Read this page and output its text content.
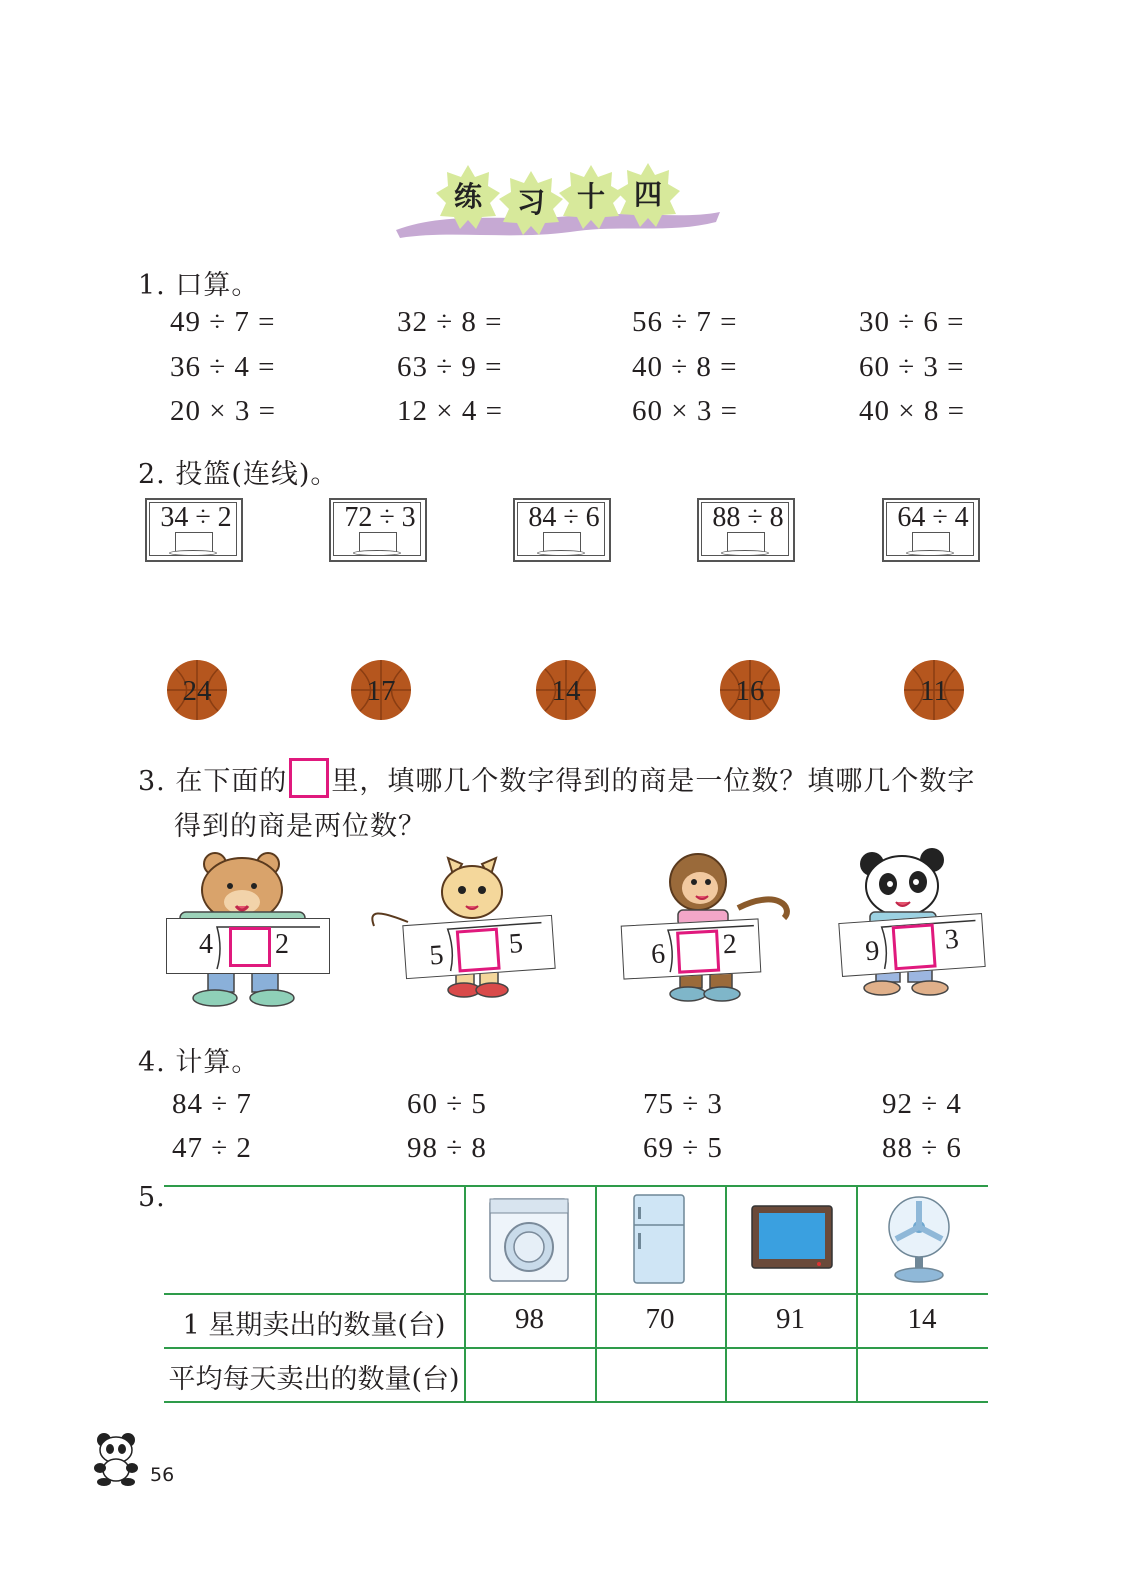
练	习	十	四
1. 口算。
49 ÷ 7 =	32 ÷ 8 =	56 ÷ 7 =	30 ÷ 6 =
36 ÷ 4 =	63 ÷ 9 =	40 ÷ 8 =	60 ÷ 3 =
20 × 3 =	12 × 4 =	60 × 3 =	40 × 8 =
2. 投篮(连线)。
34 ÷ 2	72 ÷ 3	84 ÷ 6	88 ÷ 8	64 ÷ 4
24	17	14	16	11
3. 在下面的 里，填哪几个数字得到的商是一位数？填哪几个数字
得到的商是两位数？
4 2	5 5	6 2	9 3
4. 计算。
84 ÷ 7	60 ÷ 5	75 ÷ 3	92 ÷ 4
47 ÷ 2	98 ÷ 8	69 ÷ 5	88 ÷ 6
5.
1 星期卖出的数量(台)	98	70	91	14
平均每天卖出的数量(台)
56
